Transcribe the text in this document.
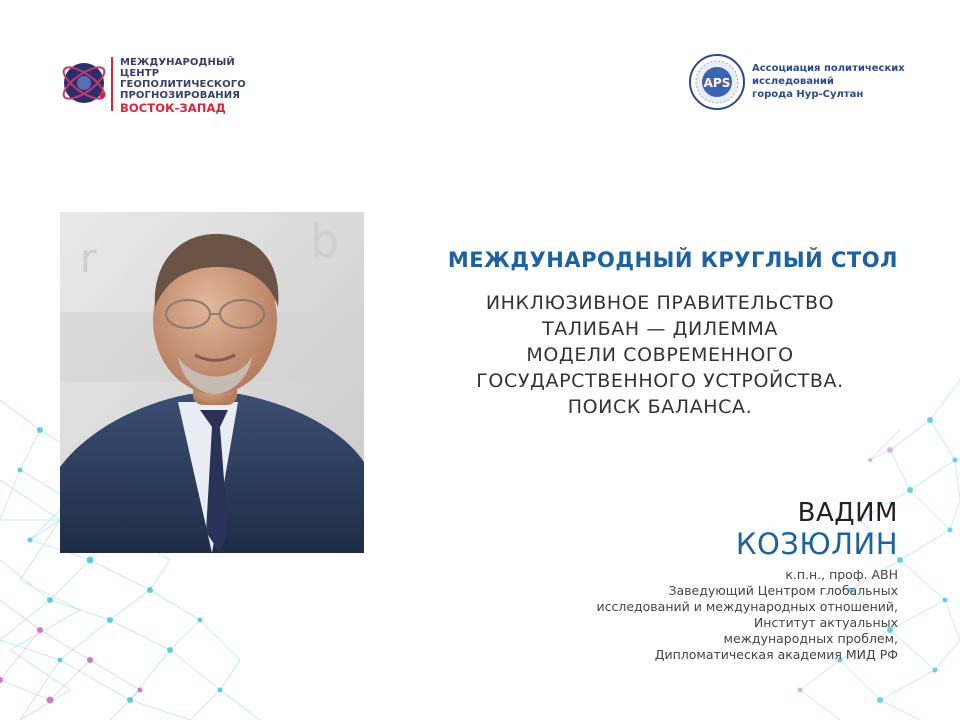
МЕЖДУНАРОДНЫЙ
ЦЕНТР
ГЕОПОЛИТИЧЕСКОГО
ПРОГНОЗИРОВАНИЯ
ВОСТОК-ЗАПАД
APS
Ассоциация политических
исследований
города Нур-Султан
r	b	МЕЖДУНАРОДНЫЙ КРУГЛЫЙ СТОЛ
ИНКЛЮЗИВНОЕ ПРАВИТЕЛЬСТВО
ТАЛИБАН — ДИЛЕММА
МОДЕЛИ СОВРЕМЕННОГО
ГОСУДАРСТВЕННОГО УСТРОЙСТВА.
ПОИСК БАЛАНСА.
ВАДИМ
КОЗЮЛИН
к.п.н., проф. АВН
Заведующий Центром глобальных
исследований и международных отношений,
Институт актуальных
международных проблем,
Дипломатическая академия МИД РФ
